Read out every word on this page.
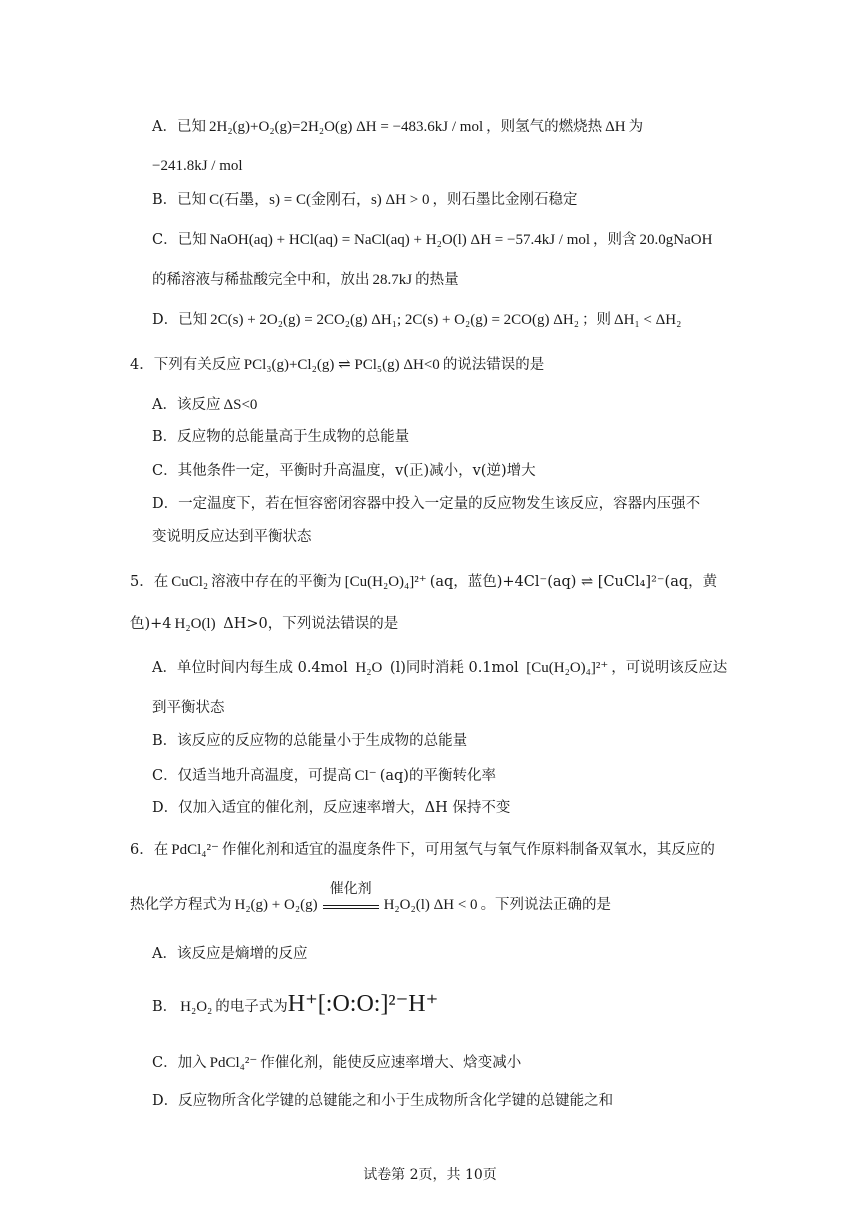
A．已知 2H₂(g)+O₂(g)=2H₂O(g) ΔH = −483.6kJ / mol ，则氢气的燃烧热 ΔH 为
−241.8kJ / mol
B．已知 C(石墨，s) = C(金刚石，s) ΔH > 0 ，则石墨比金刚石稳定
C．已知 NaOH(aq) + HCl(aq) = NaCl(aq) + H₂O(l) ΔH = −57.4kJ / mol ，则含 20.0gNaOH
的稀溶液与稀盐酸完全中和，放出 28.7kJ 的热量
D．已知 2C(s) + 2O₂(g) = 2CO₂(g) ΔH₁; 2C(s) + O₂(g) = 2CO(g) ΔH₂ ；则 ΔH₁ < ΔH₂
4．下列有关反应 PCl₃(g)+Cl₂(g) ⇌ PCl₅(g) ΔH<0 的说法错误的是
A．该反应 ΔS<0
B．反应物的总能量高于生成物的总能量
C．其他条件一定，平衡时升高温度，v(正)减小，v(逆)增大
D．一定温度下，若在恒容密闭容器中投入一定量的反应物发生该反应，容器内压强不
变说明反应达到平衡状态
5．在 CuCl₂ 溶液中存在的平衡为 [Cu(H₂O)₄]²⁺ (aq，蓝色)+4Cl⁻(aq) ⇌ [CuCl₄]²⁻(aq，黄
色)+4 H₂O(l) ΔH>0，下列说法错误的是
A．单位时间内每生成 0.4mol H₂O (l)同时消耗 0.1mol [Cu(H₂O)₄]²⁺ ，可说明该反应达
到平衡状态
B．该反应的反应物的总能量小于生成物的总能量
C．仅适当地升高温度，可提高 Cl⁻ (aq)的平衡转化率
D．仅加入适宜的催化剂，反应速率增大，ΔH 保持不变
6．在 PdCl₄²⁻ 作催化剂和适宜的温度条件下，可用氢气与氧气作原料制备双氧水，其反应的
热化学方程式为 H₂(g) + O₂(g)
催化剂
H₂O₂(l) ΔH < 0 。下列说法正确的是
A．该反应是熵增的反应
B． H₂O₂ 的电子式为H⁺[:O:O:]²⁻H⁺
C．加入 PdCl₄²⁻ 作催化剂，能使反应速率增大、焓变减小
D．反应物所含化学键的总键能之和小于生成物所含化学键的总键能之和
试卷第 2页，共 10页
